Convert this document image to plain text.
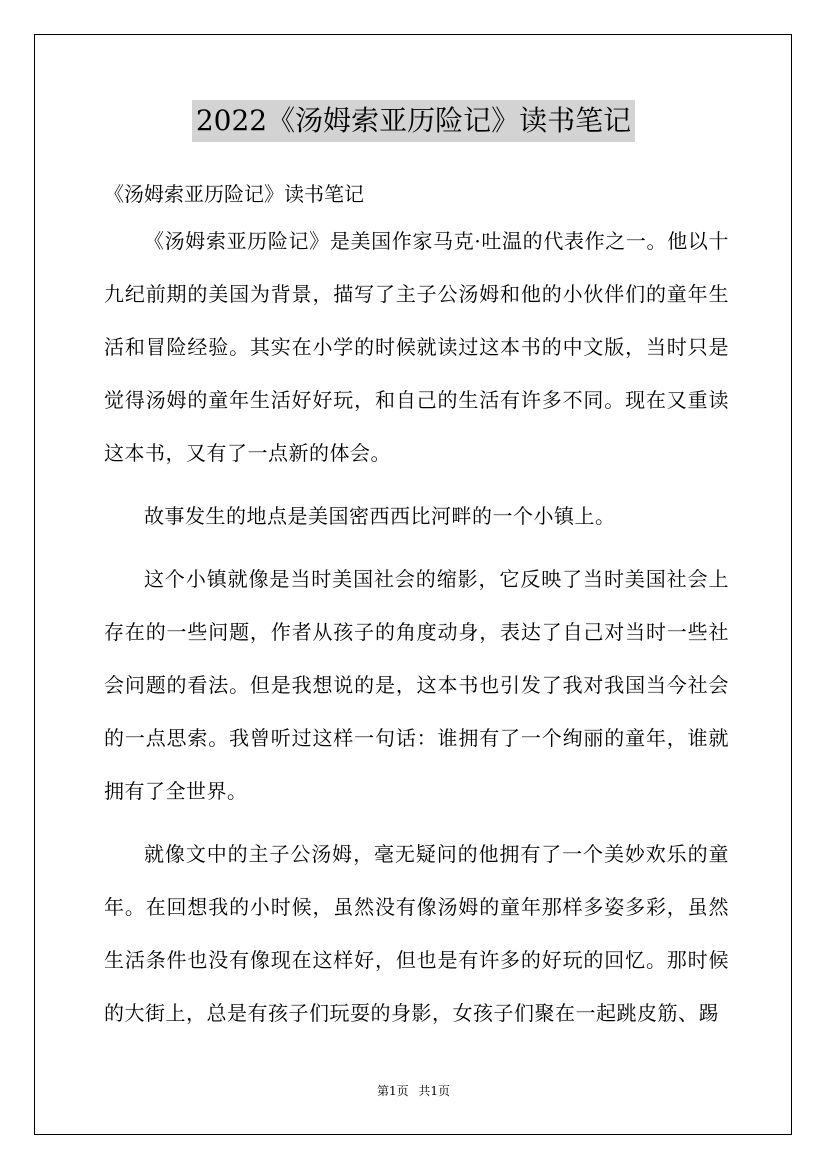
2022《汤姆索亚历险记》读书笔记

《汤姆索亚历险记》读书笔记

《汤姆索亚历险记》是美国作家马克·吐温的代表作之一。他以十九纪前期的美国为背景，描写了主子公汤姆和他的小伙伴们的童年生活和冒险经验。其实在小学的时候就读过这本书的中文版，当时只是觉得汤姆的童年生活好好玩，和自己的生活有许多不同。现在又重读这本书，又有了一点新的体会。

故事发生的地点是美国密西西比河畔的一个小镇上。

这个小镇就像是当时美国社会的缩影，它反映了当时美国社会上存在的一些问题，作者从孩子的角度动身，表达了自己对当时一些社会问题的看法。但是我想说的是，这本书也引发了我对我国当今社会的一点思索。我曾听过这样一句话：谁拥有了一个绚丽的童年，谁就拥有了全世界。

就像文中的主子公汤姆，毫无疑问的他拥有了一个美妙欢乐的童年。在回想我的小时候，虽然没有像汤姆的童年那样多姿多彩，虽然生活条件也没有像现在这样好，但也是有许多的好玩的回忆。那时候的大街上，总是有孩子们玩耍的身影，女孩子们聚在一起跳皮筋、踢

第1页 共1页
